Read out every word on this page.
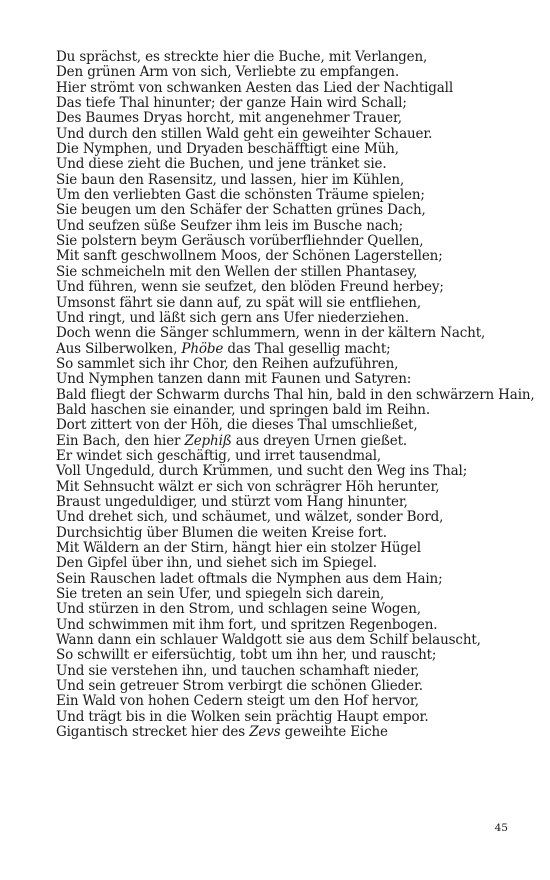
Du sprächst, es streckte hier die Buche, mit Verlangen,
Den grünen Arm von sich, Verliebte zu empfangen.
Hier strömt von schwanken Aesten das Lied der Nachtigall
Das tiefe Thal hinunter; der ganze Hain wird Schall;
Des Baumes Dryas horcht, mit angenehmer Trauer,
Und durch den stillen Wald geht ein geweihter Schauer.
Die Nymphen, und Dryaden beschäfftigt eine Müh,
Und diese zieht die Buchen, und jene tränket sie.
Sie baun den Rasensitz, und lassen, hier im Kühlen,
Um den verliebten Gast die schönsten Träume spielen;
Sie beugen um den Schäfer der Schatten grünes Dach,
Und seufzen süße Seufzer ihm leis im Busche nach;
Sie polstern beym Geräusch vorüberfliehnder Quellen,
Mit sanft geschwollnem Moos, der Schönen Lagerstellen;
Sie schmeicheln mit den Wellen der stillen Phantasey,
Und führen, wenn sie seufzet, den blöden Freund herbey;
Umsonst fährt sie dann auf, zu spät will sie entfliehen,
Und ringt, und läßt sich gern ans Ufer niederziehen.
Doch wenn die Sänger schlummern, wenn in der kältern Nacht,
Aus Silberwolken, Phöbe das Thal gesellig macht;
So sammlet sich ihr Chor, den Reihen aufzuführen,
Und Nymphen tanzen dann mit Faunen und Satyren:
Bald fliegt der Schwarm durchs Thal hin, bald in den schwärzern Hain,
Bald haschen sie einander, und springen bald im Reihn.
Dort zittert von der Höh, die dieses Thal umschließet,
Ein Bach, den hier Zephiß aus dreyen Urnen gießet.
Er windet sich geschäftig, und irret tausendmal,
Voll Ungeduld, durch Krümmen, und sucht den Weg ins Thal;
Mit Sehnsucht wälzt er sich von schrägrer Höh herunter,
Braust ungeduldiger, und stürzt vom Hang hinunter,
Und drehet sich, und schäumet, und wälzet, sonder Bord,
Durchsichtig über Blumen die weiten Kreise fort.
Mit Wäldern an der Stirn, hängt hier ein stolzer Hügel
Den Gipfel über ihn, und siehet sich im Spiegel.
Sein Rauschen ladet oftmals die Nymphen aus dem Hain;
Sie treten an sein Ufer, und spiegeln sich darein,
Und stürzen in den Strom, und schlagen seine Wogen,
Und schwimmen mit ihm fort, und spritzen Regenbogen.
Wann dann ein schlauer Waldgott sie aus dem Schilf belauscht,
So schwillt er eifersüchtig, tobt um ihn her, und rauscht;
Und sie verstehen ihn, und tauchen schamhaft nieder,
Und sein getreuer Strom verbirgt die schönen Glieder.
Ein Wald von hohen Cedern steigt um den Hof hervor,
Und trägt bis in die Wolken sein prächtig Haupt empor.
Gigantisch strecket hier des Zevs geweihte Eiche
45
